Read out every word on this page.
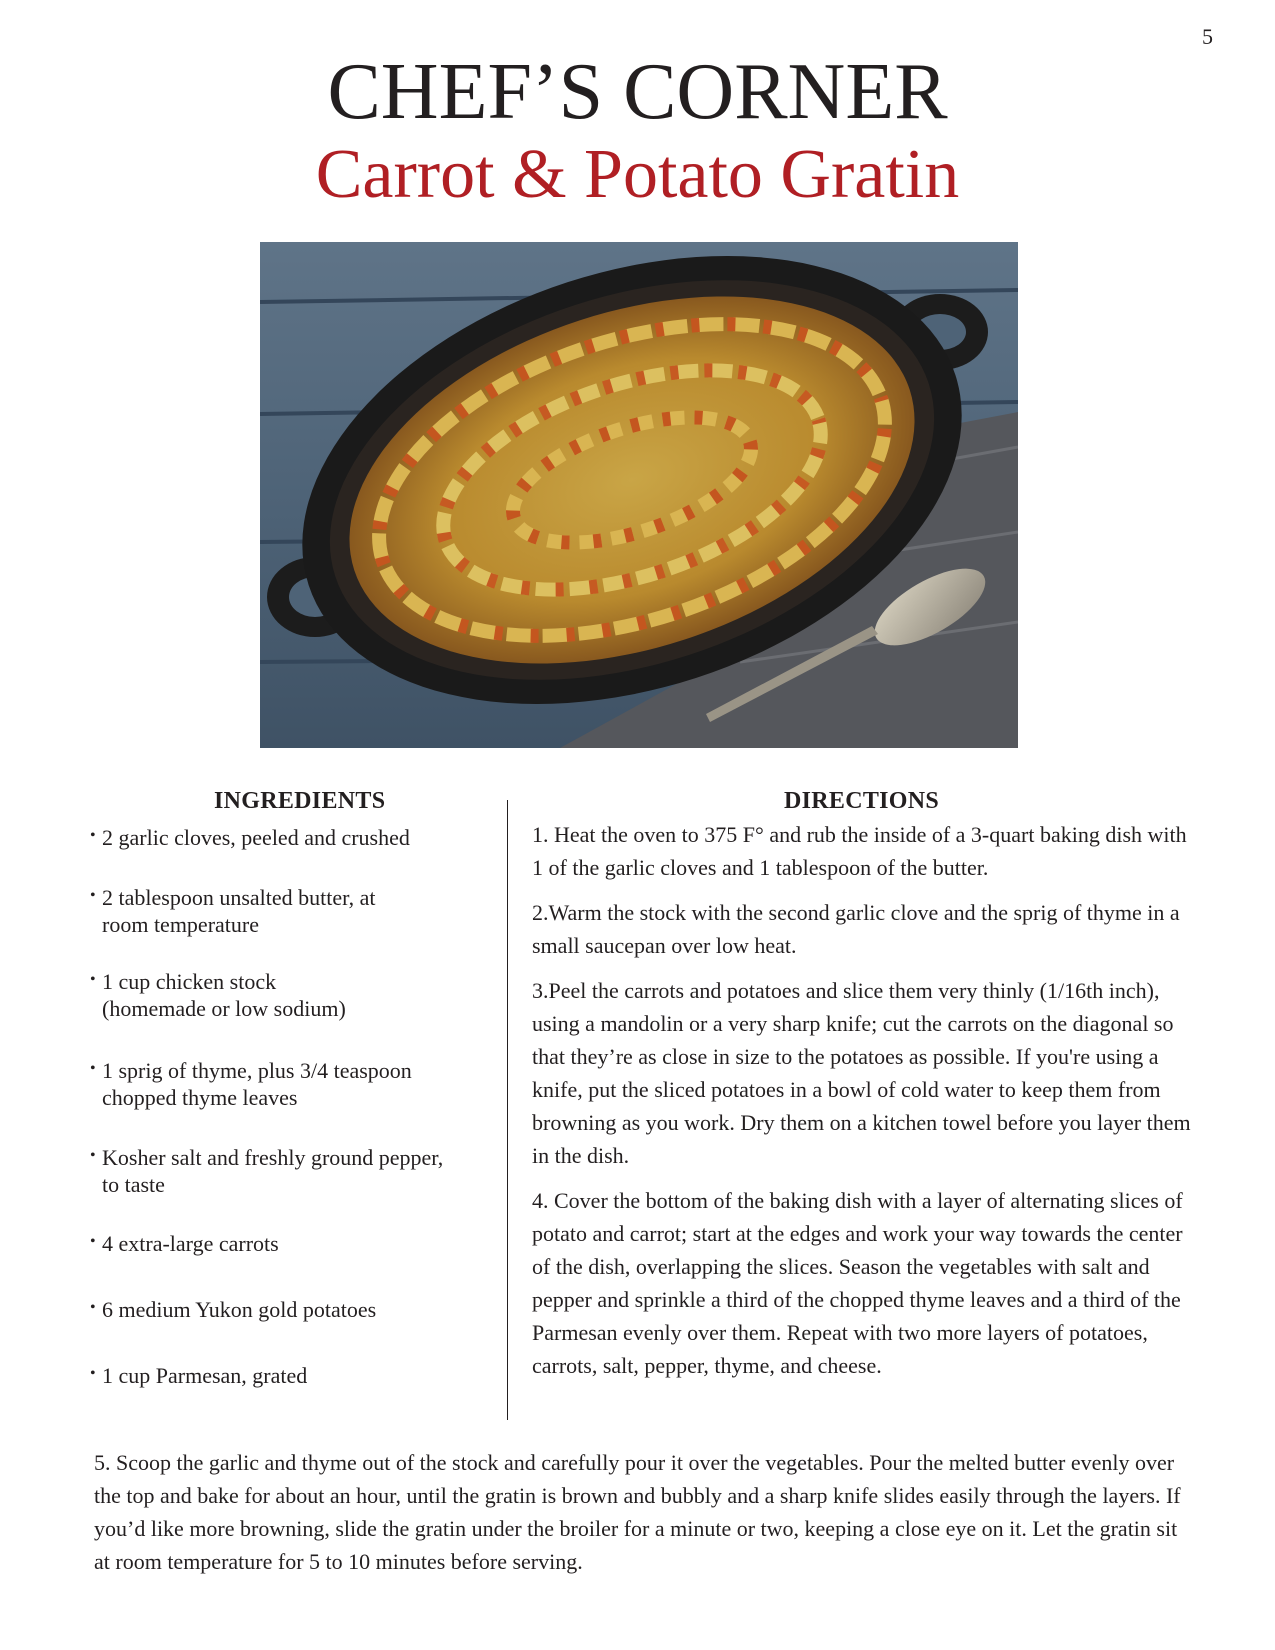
5
CHEF’S CORNER
Carrot & Potato Gratin
INGREDIENTS	DIRECTIONS
• 2 garlic cloves, peeled and crushed
• 2 tablespoon unsalted butter, at
room temperature
• 1 cup chicken stock
(homemade or low sodium)
• 1 sprig of thyme, plus 3/4 teaspoon
chopped thyme leaves
• Kosher salt and freshly ground pepper,
to taste
• 4 extra-large carrots
• 6 medium Yukon gold potatoes
• 1 cup Parmesan, grated

1. Heat the oven to 375 F° and rub the inside of a 3-quart baking dish with 1 of the garlic cloves and 1 tablespoon of the butter.

2.Warm the stock with the second garlic clove and the sprig of thyme in a small saucepan over low heat.

3.Peel the carrots and potatoes and slice them very thinly (1/16th inch), using a mandolin or a very sharp knife; cut the carrots on the diagonal so that they’re as close in size to the potatoes as possible. If you're using a knife, put the sliced potatoes in a bowl of cold water to keep them from browning as you work. Dry them on a kitchen towel before you layer them in the dish.

4. Cover the bottom of the baking dish with a layer of alternating slices of potato and carrot; start at the edges and work your way towards the center of the dish, overlapping the slices. Season the vegetables with salt and pepper and sprinkle a third of the chopped thyme leaves and a third of the Parmesan evenly over them. Repeat with two more layers of potatoes, carrots, salt, pepper, thyme, and cheese.

5. Scoop the garlic and thyme out of the stock and carefully pour it over the vegetables. Pour the melted butter evenly over the top and bake for about an hour, until the gratin is brown and bubbly and a sharp knife slides easily through the layers. If you’d like more browning, slide the gratin under the broiler for a minute or two, keeping a close eye on it. Let the gratin sit at room temperature for 5 to 10 minutes before serving.
